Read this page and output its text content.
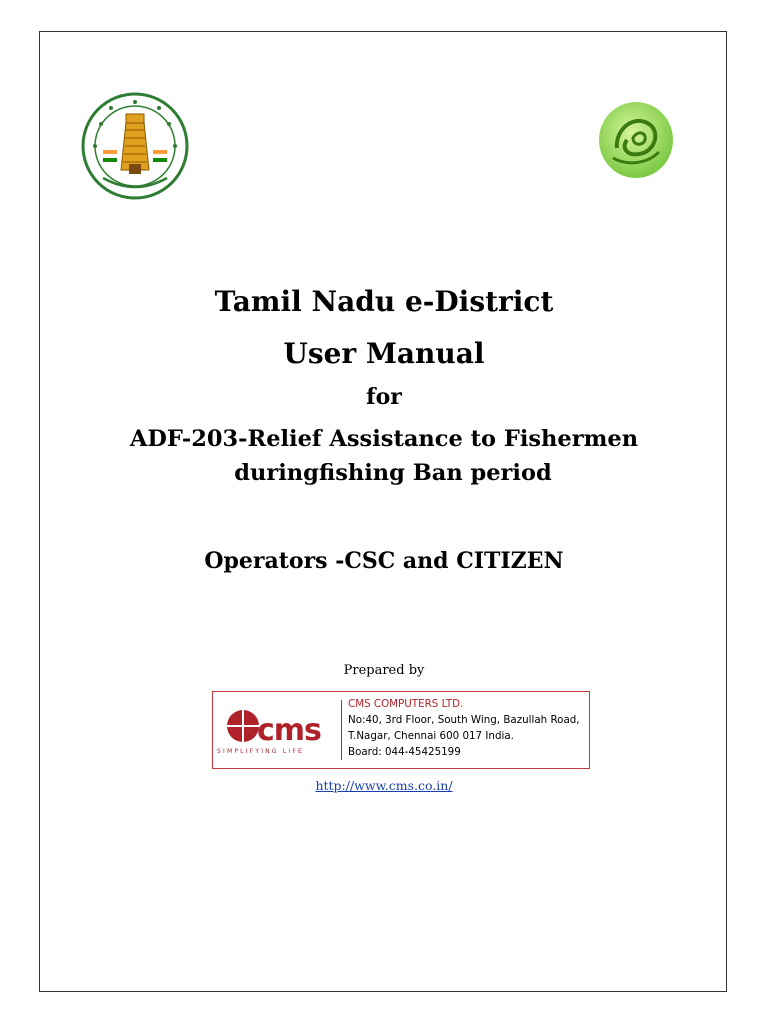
Tamil Nadu e-District
User Manual
for
ADF-203-Relief Assistance to Fishermen
duringfishing Ban period
Operators -CSC and CITIZEN
Prepared by
cms
SIMPLIFYING LIFE
CMS COMPUTERS LTD.
No:40, 3rd Floor, South Wing, Bazullah Road,
T.Nagar, Chennai 600 017 India.
Board: 044-45425199
http://www.cms.co.in/
